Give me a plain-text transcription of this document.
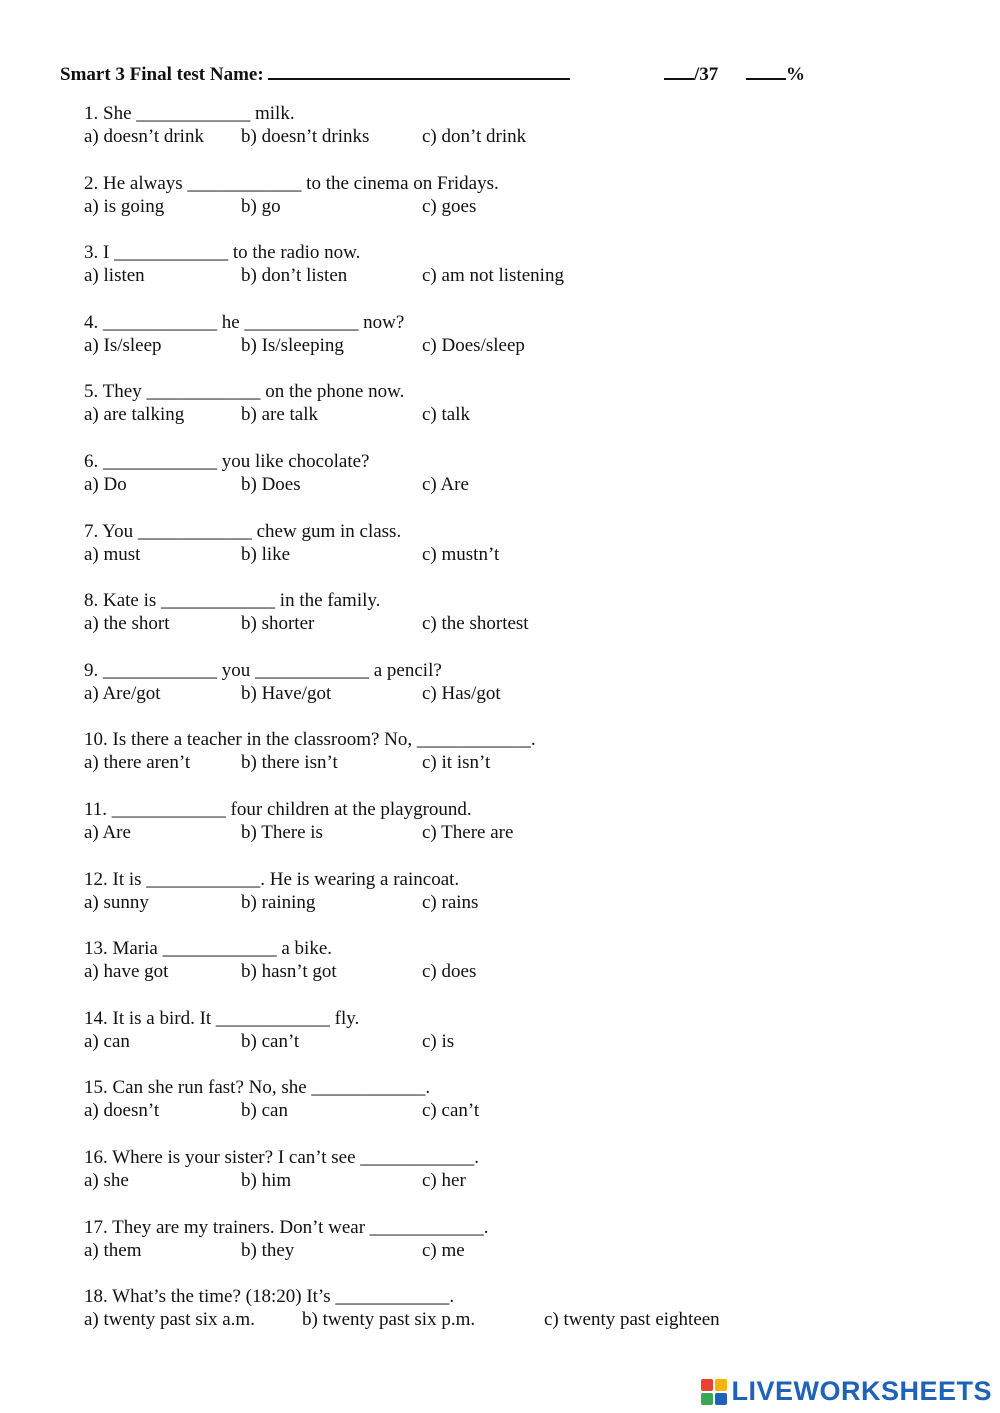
Smart 3 Final test Name:	/37	%
1. She ____________ milk.
a) doesn’t drink b) doesn’t drinks	c) don’t drink
2. He always ____________ to the cinema on Fridays.
a) is going	b) go	c) goes
3. I ____________ to the radio now.
a) listen	b) don’t listen	c) am not listening
4. ____________ he ____________ now?
a) Is/sleep	b) Is/sleeping	c) Does/sleep
5. They ____________ on the phone now.
a) are talking	b) are talk	c) talk
6. ____________ you like chocolate?
a) Do	b) Does	c) Are
7. You ____________ chew gum in class.
a) must	b) like	c) mustn’t
8. Kate is ____________ in the family.
a) the short	b) shorter	c) the shortest
9. ____________ you ____________ a pencil?
a) Are/got	b) Have/got	c) Has/got
10. Is there a teacher in the classroom? No, ____________.
a) there aren’t	b) there isn’t	c) it isn’t
11. ____________ four children at the playground.
a) Are	b) There is	c) There are
12. It is ____________. He is wearing a raincoat.
a) sunny	b) raining	c) rains
13. Maria ____________ a bike.
a) have got	b) hasn’t got	c) does
14. It is a bird. It ____________ fly.
a) can	b) can’t	c) is
15. Can she run fast? No, she ____________.
a) doesn’t	b) can	c) can’t
16. Where is your sister? I can’t see ____________.
a) she	b) him	c) her
17. They are my trainers. Don’t wear ____________.
a) them	b) they	c) me
18. What’s the time? (18:20) It’s ____________.
a) twenty past six a.m. b) twenty past six p.m.	c) twenty past eighteen
LIVEWORKSHEETS
